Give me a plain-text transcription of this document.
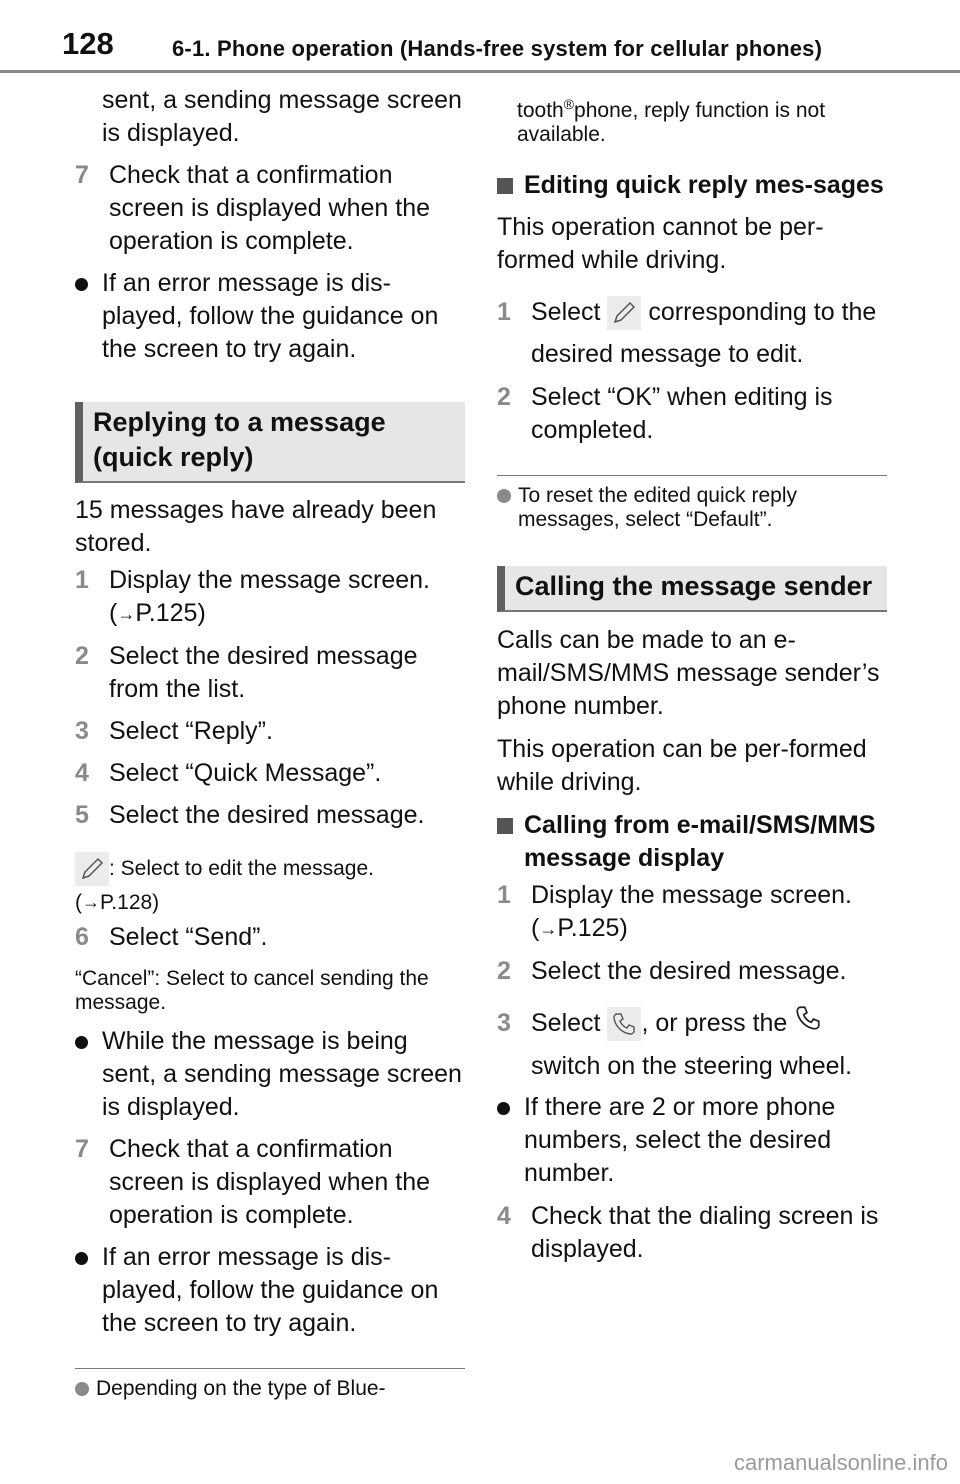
128	6-1. Phone operation (Hands-free system for cellular phones)

sent, a sending message screen is displayed.

7 Check that a confirmation screen is displayed when the operation is complete.
If an error message is dis-played, follow the guidance on the screen to try again.
Replying to a message (quick reply)

15 messages have already been stored.

1 Display the message screen.
(→P.125)
2 Select the desired message from the list.
3 Select “Reply”.
4 Select “Quick Message”.
5 Select the desired message.
: Select to edit the message.
(→P.128)
6 Select “Send”.

“Cancel”: Select to cancel sending the message.

While the message is being sent, a sending message screen is displayed.
7 Check that a confirmation screen is displayed when the operation is complete.
If an error message is dis-played, follow the guidance on the screen to try again.
Depending on the type of Blue-

tooth®phone, reply function is not available.

Editing quick reply mes-sages

This operation cannot be per-formed while driving.

1 Select corresponding to the desired message to edit.
2 Select “OK” when editing is completed.
To reset the edited quick reply messages, select “Default”.
Calling the message sender

Calls can be made to an e-mail/SMS/MMS message sender’s phone number.

This operation can be per-formed while driving.

Calling from e-mail/SMS/MMS message display
1 Display the message screen.
(→P.125)
2 Select the desired message.
3 Select , or press the
switch on the steering wheel.
If there are 2 or more phone numbers, select the desired number.
4 Check that the dialing screen is displayed.
carmanualsonline.info
